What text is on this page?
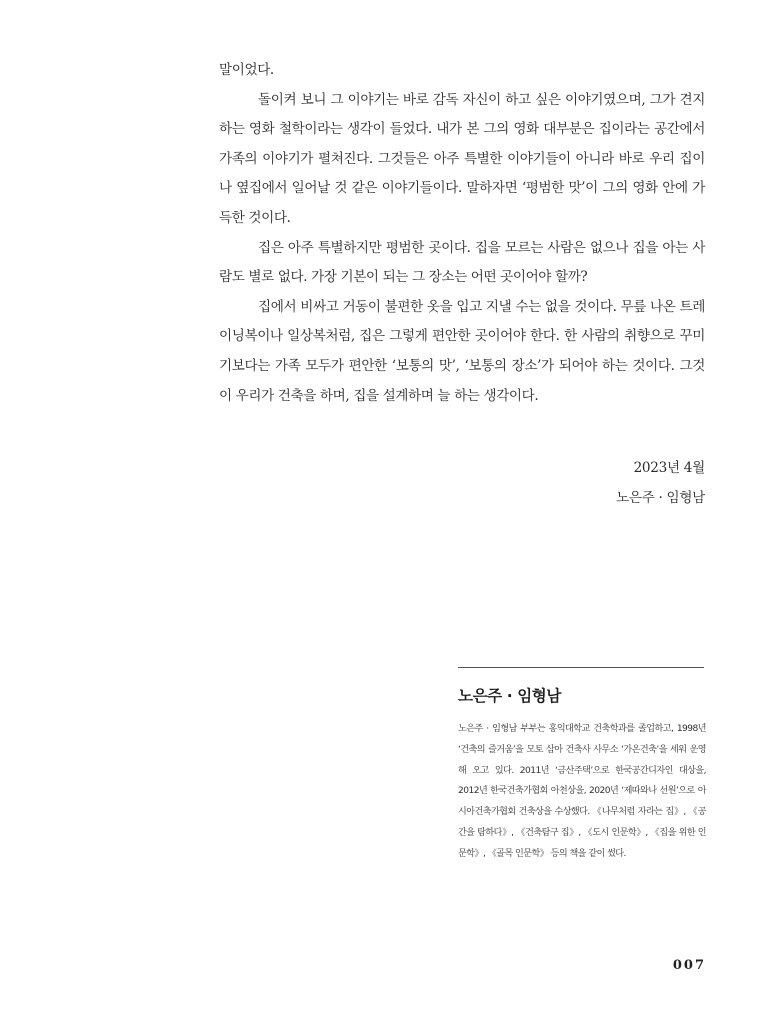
말이었다.

돌이켜 보니 그 이야기는 바로 감독 자신이 하고 싶은 이야기였으며, 그가 견지하는 영화 철학이라는 생각이 들었다. 내가 본 그의 영화 대부분은 집이라는 공간에서 가족의 이야기가 펼쳐진다. 그것들은 아주 특별한 이야기들이 아니라 바로 우리 집이나 옆집에서 일어날 것 같은 이야기들이다. 말하자면 ‘평범한 맛’이 그의 영화 안에 가득한 것이다.

집은 아주 특별하지만 평범한 곳이다. 집을 모르는 사람은 없으나 집을 아는 사람도 별로 없다. 가장 기본이 되는 그 장소는 어떤 곳이어야 할까?

집에서 비싸고 거동이 불편한 옷을 입고 지낼 수는 없을 것이다. 무릎 나온 트레이닝복이나 일상복처럼, 집은 그렇게 편안한 곳이어야 한다. 한 사람의 취향으로 꾸미기보다는 가족 모두가 편안한 ‘보통의 맛’, ‘보통의 장소’가 되어야 하는 것이다. 그것이 우리가 건축을 하며, 집을 설계하며 늘 하는 생각이다.

2023년 4월
노은주 · 임형남
노은주 · 임형남
노은주 · 임형남 부부는 홍익대학교 건축학과를 졸업하고, 1998년 ‘건축의 즐거움’을 모토 삼아 건축사 사무소 ‘가온건축’을 세워 운영해 오고 있다. 2011년 ‘금산주택’으로 한국공간디자인 대상을, 2012년 한국건축가협회 아천상을, 2020년 ‘제따와나 선원’으로 아시아건축가협회 건축상을 수상했다. 《나무처럼 자라는 집》, 《공간을 탐하다》, 《건축탐구 집》, 《도시 인문학》, 《집을 위한 인문학》, 《골목 인문학》 등의 책을 같이 썼다.
007
